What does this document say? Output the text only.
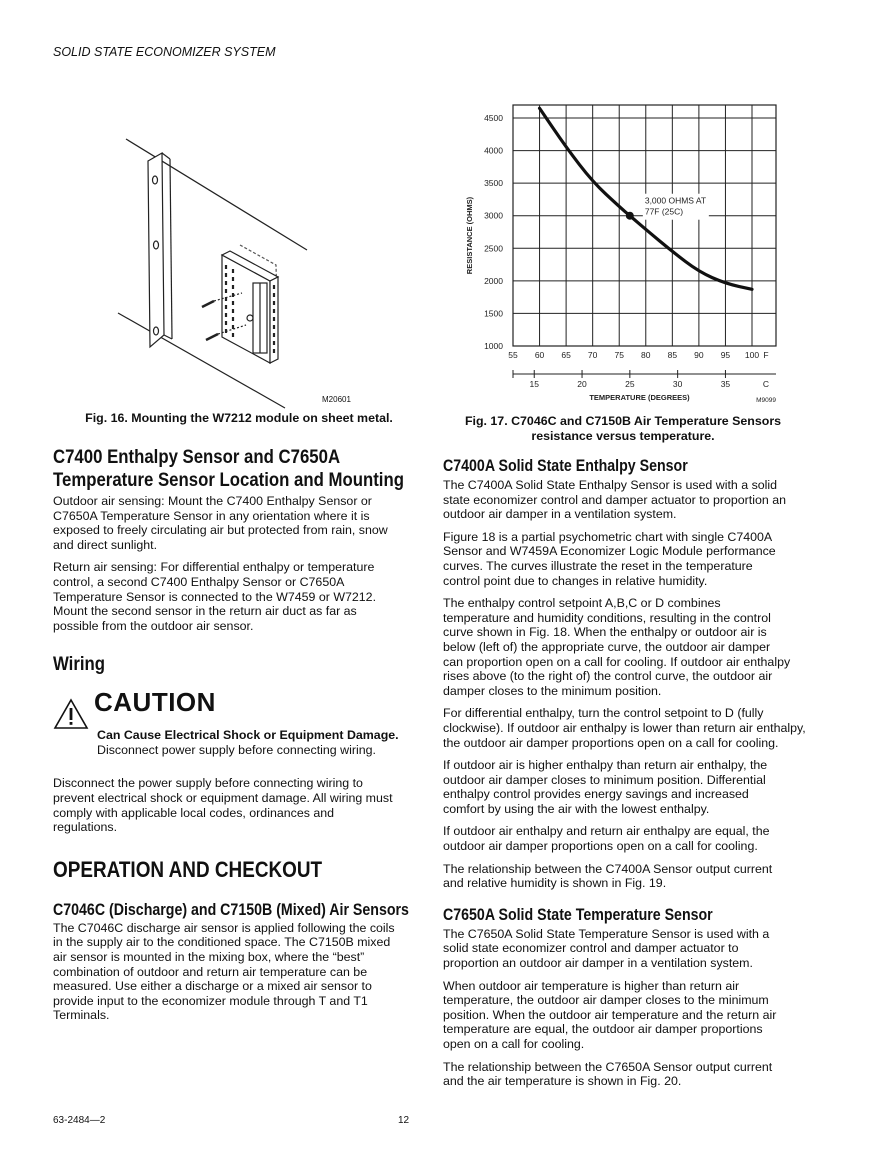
SOLID STATE ECONOMIZER SYSTEM
M20601
Fig. 16. Mounting the W7212 module on sheet metal.
55 60 65 70 75 80 85 90 95 100
1000
1500
2000
2500
3000
3500
4000
4500
F
RESISTANCE (OHMS)
15	20	25	30	35	C
TEMPERATURE (DEGREES)	M9099
3,000 OHMS AT
77F (25C)
Fig. 17. C7046C and C7150B Air Temperature Sensors
resistance versus temperature.
C7400 Enthalpy Sensor and C7650A
Temperature Sensor Location and Mounting

Outdoor air sensing: Mount the C7400 Enthalpy Sensor or
C7650A Temperature Sensor in any orientation where it is
exposed to freely circulating air but protected from rain, snow
and direct sunlight.

Return air sensing: For differential enthalpy or temperature
control, a second C7400 Enthalpy Sensor or C7650A
Temperature Sensor is connected to the W7459 or W7212.
Mount the second sensor in the return air duct as far as
possible from the outdoor air sensor.

Wiring
CAUTION
Can Cause Electrical Shock or Equipment Damage.
Disconnect power supply before connecting wiring.

Disconnect the power supply before connecting wiring to
prevent electrical shock or equipment damage. All wiring must
comply with applicable local codes, ordinances and
regulations.

OPERATION AND CHECKOUT
C7046C (Discharge) and C7150B (Mixed) Air Sensors

The C7046C discharge air sensor is applied following the coils
in the supply air to the conditioned space. The C7150B mixed
air sensor is mounted in the mixing box, where the “best”
combination of outdoor and return air temperature can be
measured. Use either a discharge or a mixed air sensor to
provide input to the economizer module through T and T1
Terminals.

C7400A Solid State Enthalpy Sensor

The C7400A Solid State Enthalpy Sensor is used with a solid
state economizer control and damper actuator to proportion an
outdoor air damper in a ventilation system.

Figure 18 is a partial psychometric chart with single C7400A
Sensor and W7459A Economizer Logic Module performance
curves. The curves illustrate the reset in the temperature
control point due to changes in relative humidity.

The enthalpy control setpoint A,B,C or D combines
temperature and humidity conditions, resulting in the control
curve shown in Fig. 18. When the enthalpy or outdoor air is
below (left of) the appropriate curve, the outdoor air damper
can proportion open on a call for cooling. If outdoor air enthalpy
rises above (to the right of) the control curve, the outdoor air
damper closes to the minimum position.

For differential enthalpy, turn the control setpoint to D (fully
clockwise). If outdoor air enthalpy is lower than return air enthalpy,
the outdoor air damper proportions open on a call for cooling.

If outdoor air is higher enthalpy than return air enthalpy, the
outdoor air damper closes to minimum position. Differential
enthalpy control provides energy savings and increased
comfort by using the air with the lowest enthalpy.

If outdoor air enthalpy and return air enthalpy are equal, the
outdoor air damper proportions open on a call for cooling.

The relationship between the C7400A Sensor output current
and relative humidity is shown in Fig. 19.

C7650A Solid State Temperature Sensor

The C7650A Solid State Temperature Sensor is used with a
solid state economizer control and damper actuator to
proportion an outdoor air damper in a ventilation system.

When outdoor air temperature is higher than return air
temperature, the outdoor air damper closes to the minimum
position. When the outdoor air temperature and the return air
temperature are equal, the outdoor air damper proportions
open on a call for cooling.

The relationship between the C7650A Sensor output current
and the air temperature is shown in Fig. 20.

63-2484—2	12
